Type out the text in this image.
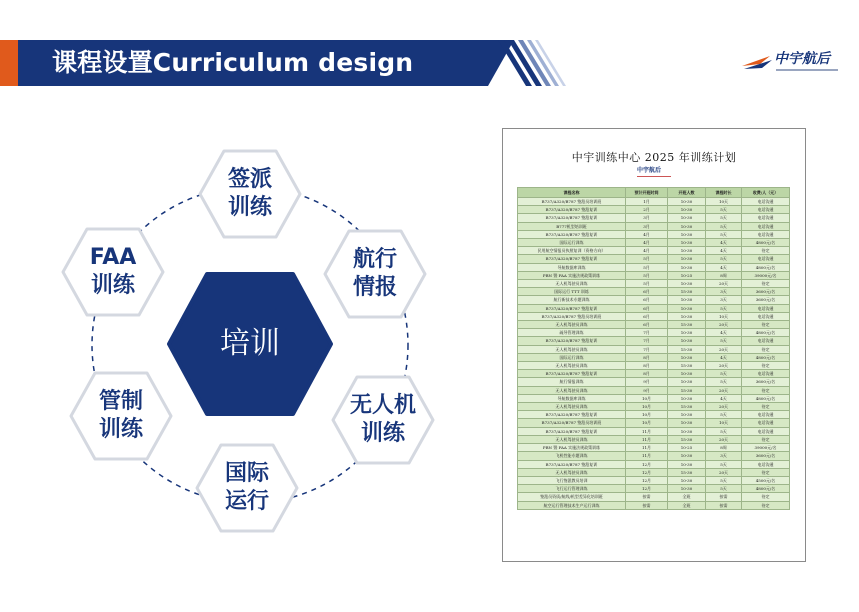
课程设置Curriculum design	中宇航后
培训
签派
训练
航行
情报
无人机
训练
国际
运行
管制
训练
FAA
训练
中宇训练中心 2025 年训练计划
中宇航后
课程名称	预计开班时间	开班人数	课程时长	收费/人（元）
B737/A320/B787 签派员培训班	1月	10-30	10天	电话沟通
B737/A320/B787 签派复训	2月	10-30	5天	电话沟通
B737/A320/B787 签派复训	3月	10-30	5天	电话沟通
B777机型培训班	3月	10-30	5天	电话沟通
B737/A320/B787 签派复训	4月	10-30	5天	电话沟通
国际运行训练	4月	10-30	4天	4800元/名
民用航空情报员执照复训（资格方向）	4月	10-30	4天	待定
B737/A320/B787 签派复训	5月	10-30	5天	电话沟通
导航数据库训练	5月	10-30	4天	4800元/名
PBN 暨 FAA 实施法规政策训练	5月	10-25	8周	39000元/名
无人机驾驶员训练	5月	10-30	20天	待定
国际运行 TTT 训练	6月	15-30	3天	3600元/名
航行新技术专题训练	6月	10-30	3天	3600元/名
B737/A320/B787 签派复训	6月	10-30	5天	电话沟通
B737/A320/B787 签派员培训班	6月	10-30	10天	电话沟通
无人机驾驶员训练	6月	15-30	20天	待定
疏导管理训练	7月	10-30	4天	4800元/名
B737/A320/B787 签派复训	7月	10-30	5天	电话沟通
无人机驾驶员训练	7月	15-30	20天	待定
国际运行训练	8月	10-30	4天	4800元/名
无人机驾驶员训练	8月	15-30	20天	待定
B737/A320/B787 签派复训	8月	10-30	5天	电话沟通
航行情报训练	9月	10-30	5天	3600元/名
无人机驾驶员训练	9月	15-30	20天	待定
导航数据库训练	10月	10-30	4天	4800元/名
无人机驾驶员训练	10月	15-30	20天	待定
B737/A320/B787 签派复训	10月	10-30	5天	电话沟通
B737/A320/B787 签派员培训班	10月	10-30	10天	电话沟通
B737/A320/B787 签派复训	11月	10-30	5天	电话沟通
无人机驾驶员训练	11月	15-30	20天	待定
PBN 暨 FAA 实施法规政策训练	11月	10-25	8周	39000元/名
飞机性能专题训练	11月	10-30	3天	3600元/名
B737/A320/B787 签派复训	12月	10-30	5天	电话沟通
无人机驾驶员训练	12月	15-30	20天	待定
飞行签派教员培训	12月	10-30	5天	4500元/名
飞行运行管理训练	12月	10-30	5天	4800元/名
签派员资质/航线/机型差异化培训班	按需	全班	按需	待定
航空运行管理技术生产运行训练	按需	全班	按需	待定
